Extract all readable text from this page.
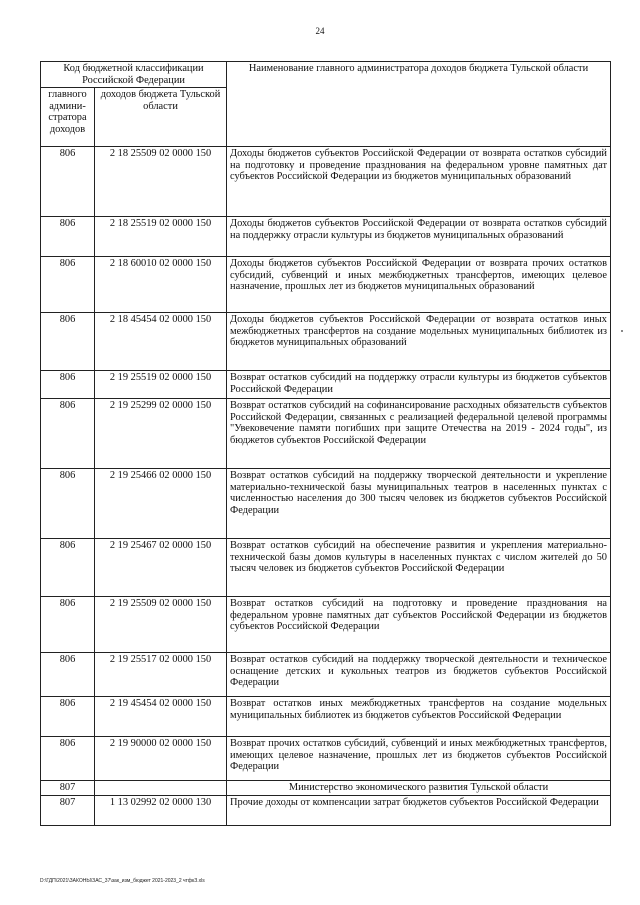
24
Код бюджетной классификации Российской Федерации		Наименование главного администратора доходов бюджета Тульской области
главного админи-стратора доходов	доходов бюджета Тульской области	
806	2 18 25509 02 0000 150	Доходы бюджетов субъектов Российской Федерации от возврата остатков субсидий на подготовку и проведение празднования на федеральном уровне памятных дат субъектов Российской Федерации из бюджетов муниципальных образований
806	2 18 25519 02 0000 150	Доходы бюджетов субъектов Российской Федерации от возврата остатков субсидий на поддержку отрасли культуры из бюджетов муниципальных образований
806	2 18 60010 02 0000 150	Доходы бюджетов субъектов Российской Федерации от возврата прочих остатков субсидий, субвенций и иных межбюджетных трансфертов, имеющих целевое назначение, прошлых лет из бюджетов муниципальных образований
806	2 18 45454 02 0000 150	Доходы бюджетов субъектов Российской Федерации от возврата остатков иных межбюджетных трансфертов на создание модельных муниципальных библиотек из бюджетов муниципальных образований
806	2 19 25519 02 0000 150	Возврат остатков субсидий на поддержку отрасли культуры из бюджетов субъектов Российской Федерации
806	2 19 25299 02 0000 150	Возврат остатков субсидий на софинансирование расходных обязательств субъектов Российской Федерации, связанных с реализацией федеральной целевой программы "Увековечение памяти погибших при защите Отечества на 2019 - 2024 годы", из бюджетов субъектов Российской Федерации
806	2 19 25466 02 0000 150	Возврат остатков субсидий на поддержку творческой деятельности и укрепление материально-технической базы муниципальных театров в населенных пунктах с численностью населения до 300 тысяч человек из бюджетов субъектов Российской Федерации
806	2 19 25467 02 0000 150	Возврат остатков субсидий на обеспечение развития и укрепления материально-технической базы домов культуры в населенных пунктах с числом жителей до 50 тысяч человек из бюджетов субъектов Российской Федерации
806	2 19 25509 02 0000 150	Возврат остатков субсидий на подготовку и проведение празднования на федеральном уровне памятных дат субъектов Российской Федерации из бюджетов субъектов Российской Федерации
806	2 19 25517 02 0000 150	Возврат остатков субсидий на поддержку творческой деятельности и техническое оснащение детских и кукольных театров из бюджетов субъектов Российской Федерации
806	2 19 45454 02 0000 150	Возврат остатков иных межбюджетных трансфертов на создание модельных муниципальных библиотек из бюджетов субъектов Российской Федерации
806	2 19 90000 02 0000 150	Возврат прочих остатков субсидий, субвенций и иных межбюджетных трансфертов, имеющих целевое назначение, прошлых лет из бюджетов субъектов Российской Федерации
807		Министерство экономического развития Тульской области
807	1 13 02992 02 0000 130	Прочие доходы от компенсации затрат бюджетов субъектов Российской Федерации
D:\ГДП\2021\ЗАКОНЫ\ЗАС_37\зак_изм_бюджет 2021-2023_2 чтфкЗ.xls
